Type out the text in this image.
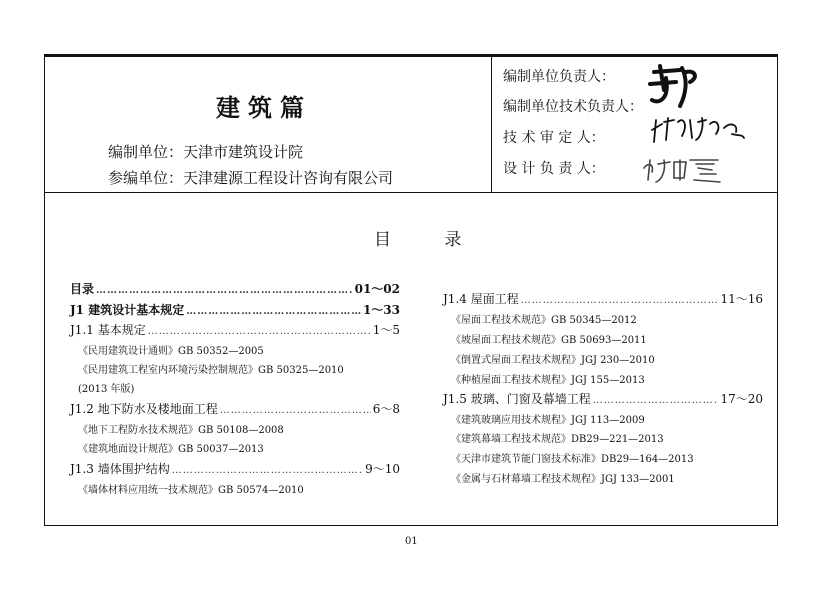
建筑篇
编制单位：天津市建筑设计院
参编单位：天津建源工程设计咨询有限公司
编制单位负责人：
编制单位技术负责人：
技 术 审 定 人：
设 计 负 责 人：
目 录
目录 ……………………………………………………………………………………………………………	01～02
J1 建筑设计基本规定 ……………………………………………………………………………………………………………	1～33
J1.1 基本规定 ……………………………………………………………………………………………………………	1～5
《民用建筑设计通则》GB 50352—2005
《民用建筑工程室内环境污染控制规范》GB 50325—2010
(2013 年版)
J1.2 地下防水及楼地面工程 ……………………………………………………………………………………………………………	6～8
《地下工程防水技术规范》GB 50108—2008
《建筑地面设计规范》GB 50037—2013
J1.3 墙体围护结构 ……………………………………………………………………………………………………………	9～10
《墙体材料应用统一技术规范》GB 50574—2010
J1.4 屋面工程 ……………………………………………………………………………………………………………	11～16
《屋面工程技术规范》GB 50345—2012
《坡屋面工程技术规范》GB 50693—2011
《倒置式屋面工程技术规程》JGJ 230—2010
《种植屋面工程技术规程》JGJ 155—2013
J1.5 玻璃、门窗及幕墙工程 ……………………………………………………………………………………………………………	17～20
《建筑玻璃应用技术规程》JGJ 113—2009
《建筑幕墙工程技术规范》DB29—221—2013
《天津市建筑节能门窗技术标准》DB29—164—2013
《金属与石材幕墙工程技术规程》JGJ 133—2001
01
